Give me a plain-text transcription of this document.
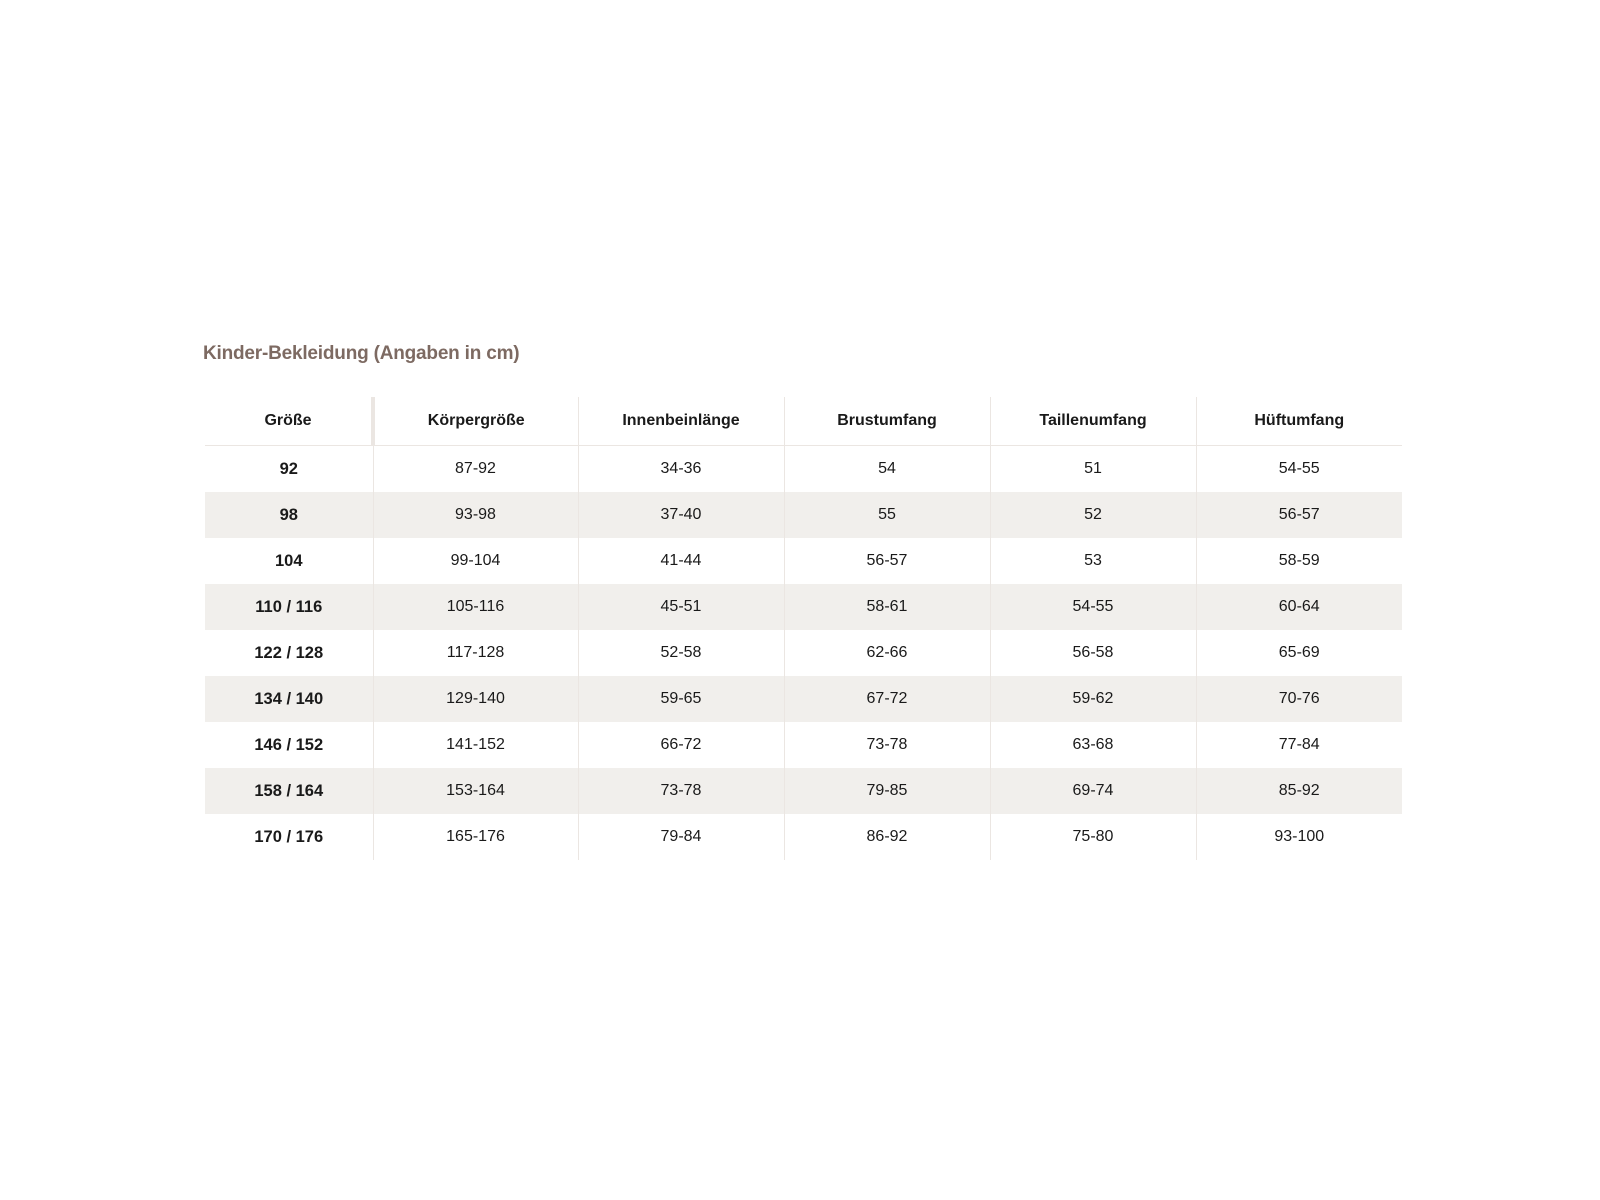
Kinder-Bekleidung (Angaben in cm)
Größe	Körpergröße	Innenbeinlänge	Brustumfang	Taillenumfang	Hüftumfang
92	87-92	34-36	54	51	54-55
98	93-98	37-40	55	52	56-57
104	99-104	41-44	56-57	53	58-59
110 / 116	105-116	45-51	58-61	54-55	60-64
122 / 128	117-128	52-58	62-66	56-58	65-69
134 / 140	129-140	59-65	67-72	59-62	70-76
146 / 152	141-152	66-72	73-78	63-68	77-84
158 / 164	153-164	73-78	79-85	69-74	85-92
170 / 176	165-176	79-84	86-92	75-80	93-100
